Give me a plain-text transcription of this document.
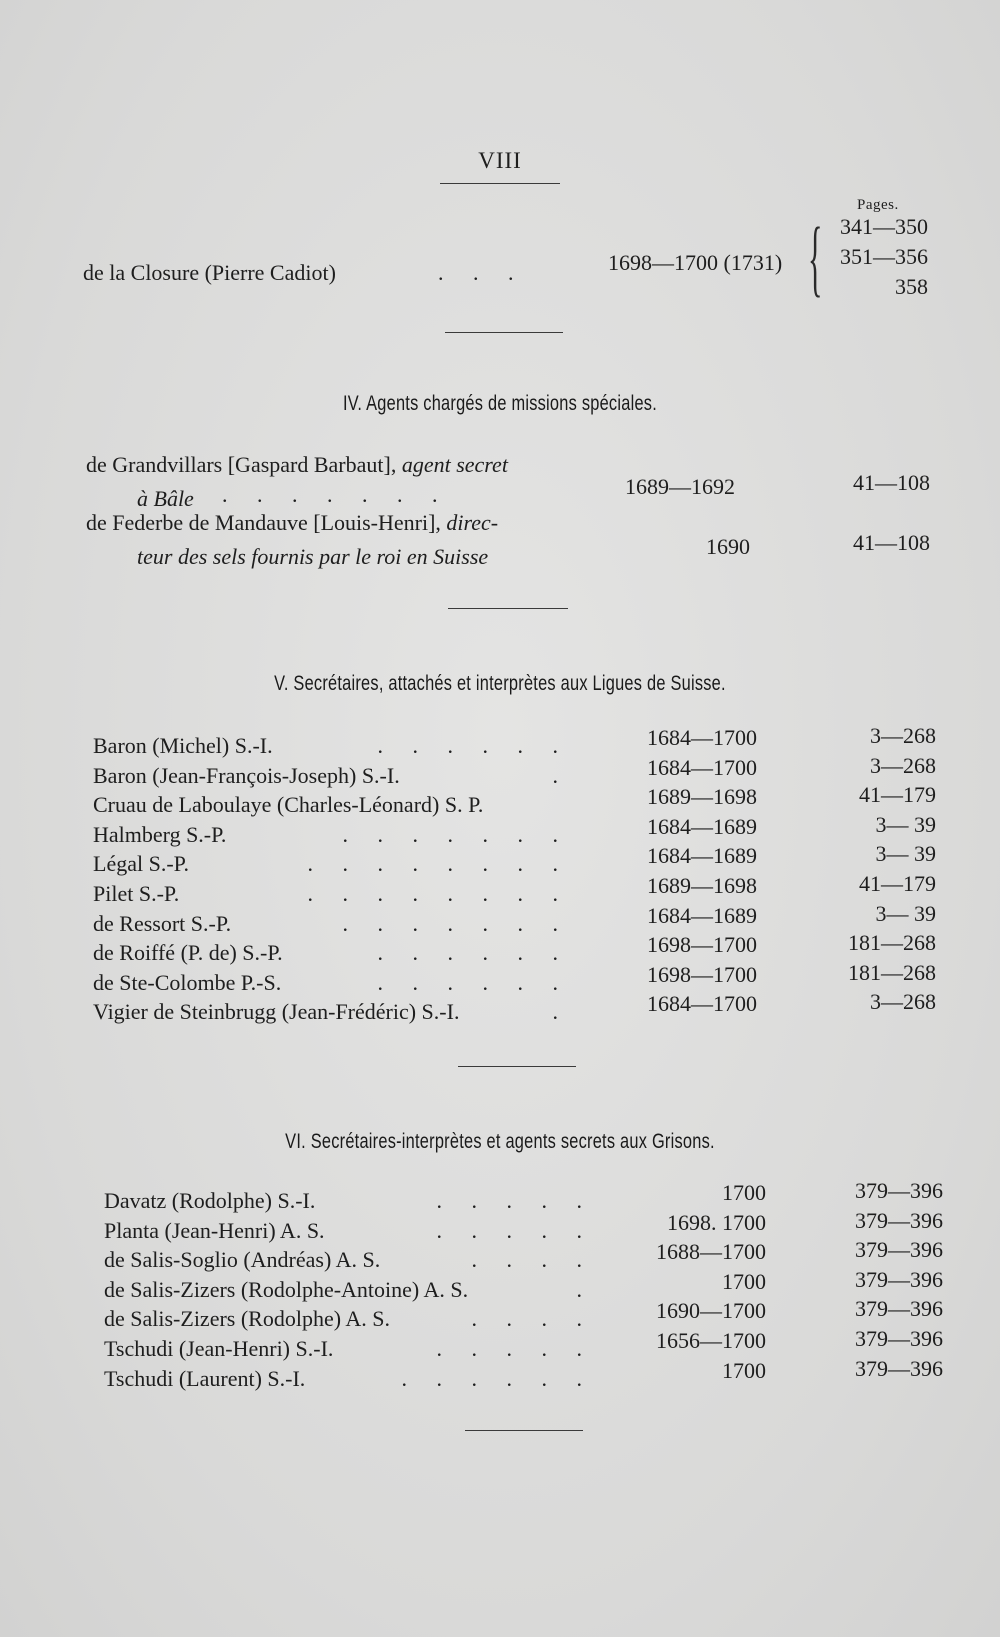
VIII
Pages.
de la Closure (Pierre Cadiot)	. . .	1698—1700 (1731) { 341—350
351—356
358
IV. Agents chargés de missions spéciales.
de Grandvillars [Gaspard Barbaut], agent secret
à Bâle . . . . . . .	1689—1692	41—108
de Federbe de Mandauve [Louis-Henri], direc-
teur des sels fournis par le roi en Suisse	1690	41—108
V. Secrétaires, attachés et interprètes aux Ligues de Suisse.
Baron (Michel) S.-I.	. . . . . .	1684—1700	3—268
Baron (Jean-François-Joseph) S.-I.	.	1684—1700	3—268
Cruau de Laboulaye (Charles-Léonard) S. P.	1689—1698	41—179
Halmberg S.-P.	. . . . . . .	1684—1689	3— 39
Légal S.-P.	. . . . . . . .	1684—1689	3— 39
Pilet S.-P.	. . . . . . . .	1689—1698	41—179
de Ressort S.-P.	. . . . . . .	1684—1689	3— 39
de Roiffé (P. de) S.-P.	. . . . . .	1698—1700	181—268
de Ste-Colombe P.-S.	. . . . . .	1698—1700	181—268
Vigier de Steinbrugg (Jean-Frédéric) S.-I.	.	1684—1700	3—268
VI. Secrétaires-interprètes et agents secrets aux Grisons.
Davatz (Rodolphe) S.-I.	. . . . .	1700	379—396
Planta (Jean-Henri) A. S.	. . . . .	1698. 1700	379—396
de Salis-Soglio (Andréas) A. S.	. . . .	1688—1700	379—396
de Salis-Zizers (Rodolphe-Antoine) A. S.	.	1700	379—396
de Salis-Zizers (Rodolphe) A. S.	. . . .	1690—1700	379—396
Tschudi (Jean-Henri) S.-I.	. . . . .	1656—1700	379—396
Tschudi (Laurent) S.-I.	. . . . . .	1700	379—396
